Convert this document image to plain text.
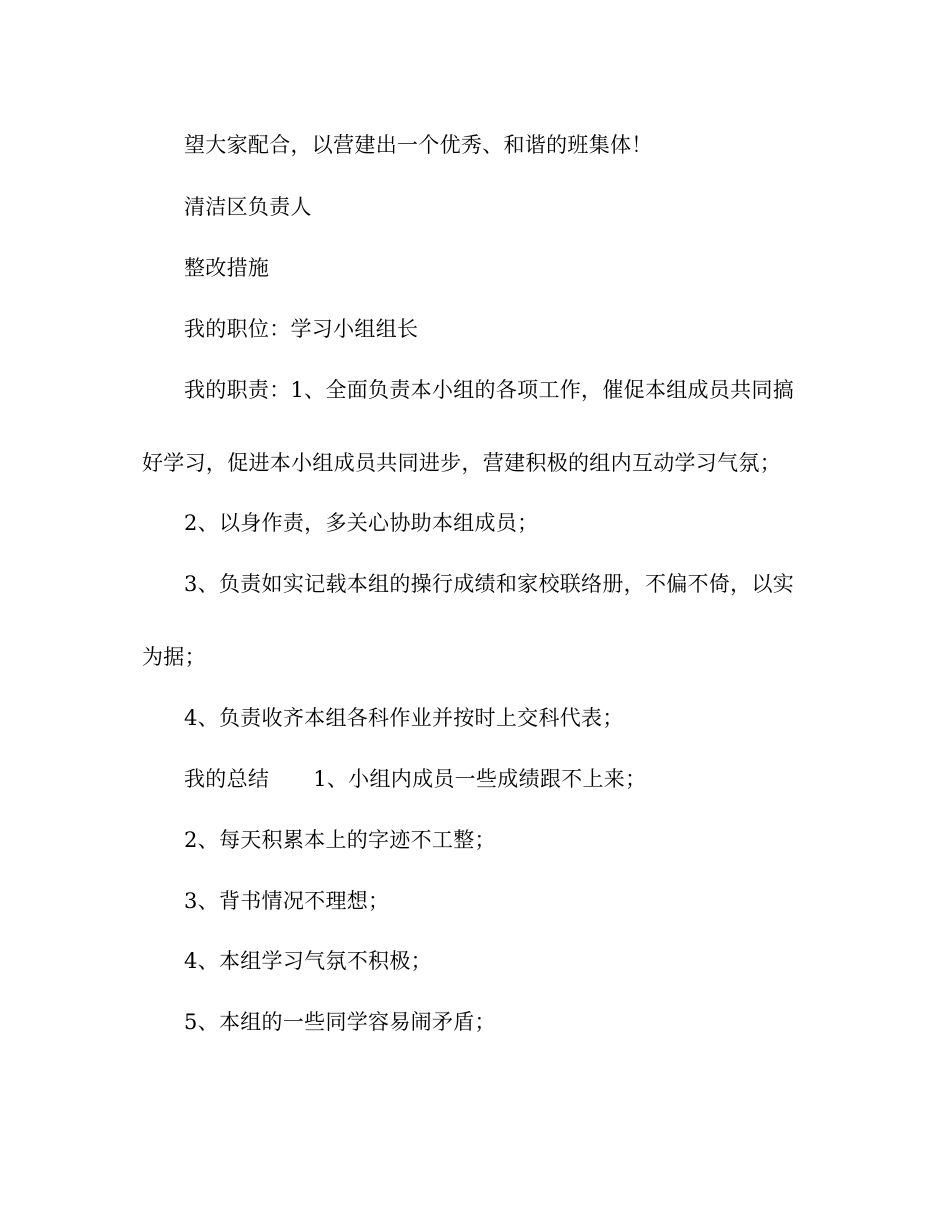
望大家配合，以营建出一个优秀、和谐的班集体！
清洁区负责人
整改措施
我的职位：学习小组组长
我的职责：1、全面负责本小组的各项工作，催促本组成员共同搞
好学习，促进本小组成员共同进步，营建积极的组内互动学习气氛；
2、以身作责，多关心协助本组成员；
3、负责如实记载本组的操行成绩和家校联络册，不偏不倚，以实
为据；
4、负责收齐本组各科作业并按时上交科代表；
我的总结 1、小组内成员一些成绩跟不上来；
2、每天积累本上的字迹不工整；
3、背书情况不理想；
4、本组学习气氛不积极；
5、本组的一些同学容易闹矛盾；
